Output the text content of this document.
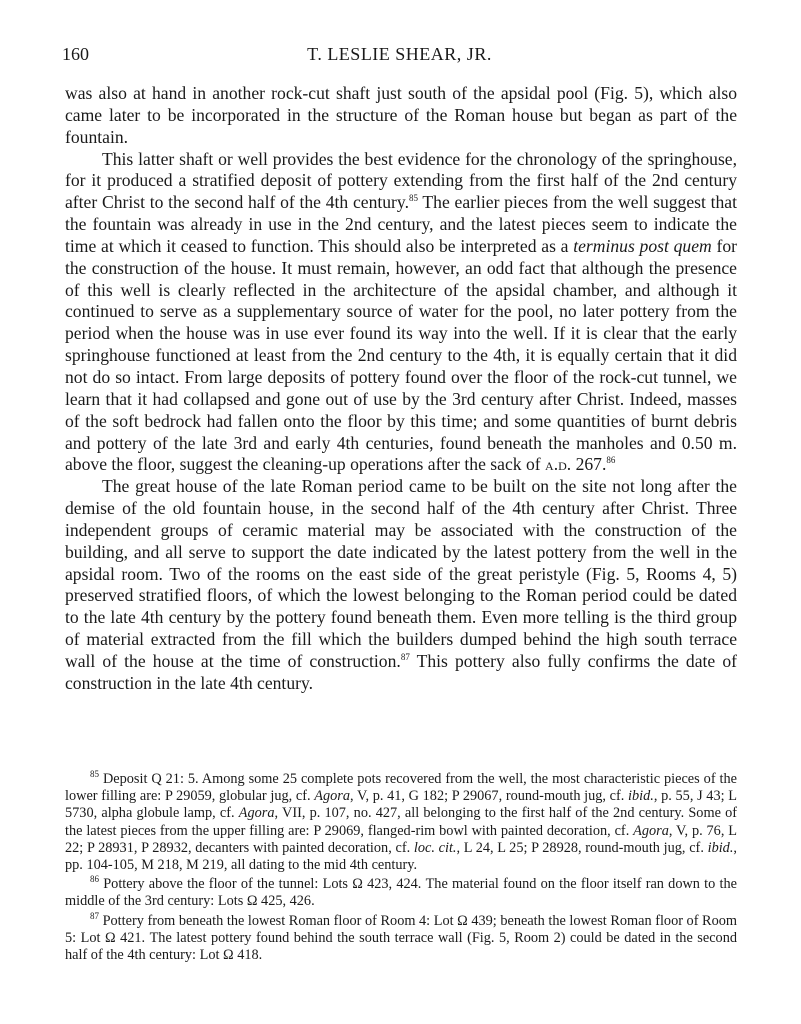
160	T. LESLIE SHEAR, JR.

was also at hand in another rock-cut shaft just south of the apsidal pool (Fig. 5), which also came later to be incorporated in the structure of the Roman house but began as part of the fountain.

This latter shaft or well provides the best evidence for the chronology of the springhouse, for it produced a stratified deposit of pottery extending from the first half of the 2nd century after Christ to the second half of the 4th century.$^{85}$ The earlier pieces from the well suggest that the fountain was already in use in the 2nd century, and the latest pieces seem to indicate the time at which it ceased to function. This should also be interpreted as a terminus post quem for the construction of the house. It must remain, however, an odd fact that although the presence of this well is clearly reflected in the architecture of the apsidal chamber, and although it continued to serve as a supplementary source of water for the pool, no later pottery from the period when the house was in use ever found its way into the well. If it is clear that the early springhouse functioned at least from the 2nd century to the 4th, it is equally certain that it did not do so intact. From large deposits of pottery found over the floor of the rock-cut tunnel, we learn that it had collapsed and gone out of use by the 3rd century after Christ. Indeed, masses of the soft bedrock had fallen onto the floor by this time; and some quantities of burnt debris and pottery of the late 3rd and early 4th centuries, found beneath the manholes and 0.50 m. above the floor, suggest the cleaning-up operations after the sack of a.d. 267.86

The great house of the late Roman period came to be built on the site not long after the demise of the old fountain house, in the second half of the 4th century after Christ. Three independent groups of ceramic material may be associated with the construction of the building, and all serve to support the date indicated by the latest pottery from the well in the apsidal room. Two of the rooms on the east side of the great peristyle (Fig. 5, Rooms 4, 5) preserved stratified floors, of which the lowest belonging to the Roman period could be dated to the late 4th century by the pottery found beneath them. Even more telling is the third group of material extracted from the fill which the builders dumped behind the high south terrace wall of the house at the time of construction.$^{87}$ This pottery also fully confirms the date of construction in the late 4th century.

$^{85}$ Deposit Q 21: 5. Among some 25 complete pots recovered from the well, the most characteristic pieces of the lower filling are: P 29059, globular jug, cf. Agora, V, p. 41, G 182; P 29067, round-mouth jug, cf. ibid., p. 55, J 43; L 5730, alpha globule lamp, cf. Agora, VII, p. 107, no. 427, all belonging to the first half of the 2nd century. Some of the latest pieces from the upper filling are: P 29069, flanged-rim bowl with painted decoration, cf. Agora, V, p. 76, L 22; P 28931, P 28932, decanters with painted decoration, cf. loc. cit., L 24, L 25; P 28928, round-mouth jug, cf. ibid., pp. 104-105, M 218, M 219, all dating to the mid 4th century.

$^{86}$ Pottery above the floor of the tunnel: Lots Ω 423, 424. The material found on the floor itself ran down to the middle of the 3rd century: Lots Ω 425, 426.

$^{87}$ Pottery from beneath the lowest Roman floor of Room 4: Lot Ω 439; beneath the lowest Roman floor of Room 5: Lot Ω 421. The latest pottery found behind the south terrace wall (Fig. 5, Room 2) could be dated in the second half of the 4th century: Lot Ω 418.
